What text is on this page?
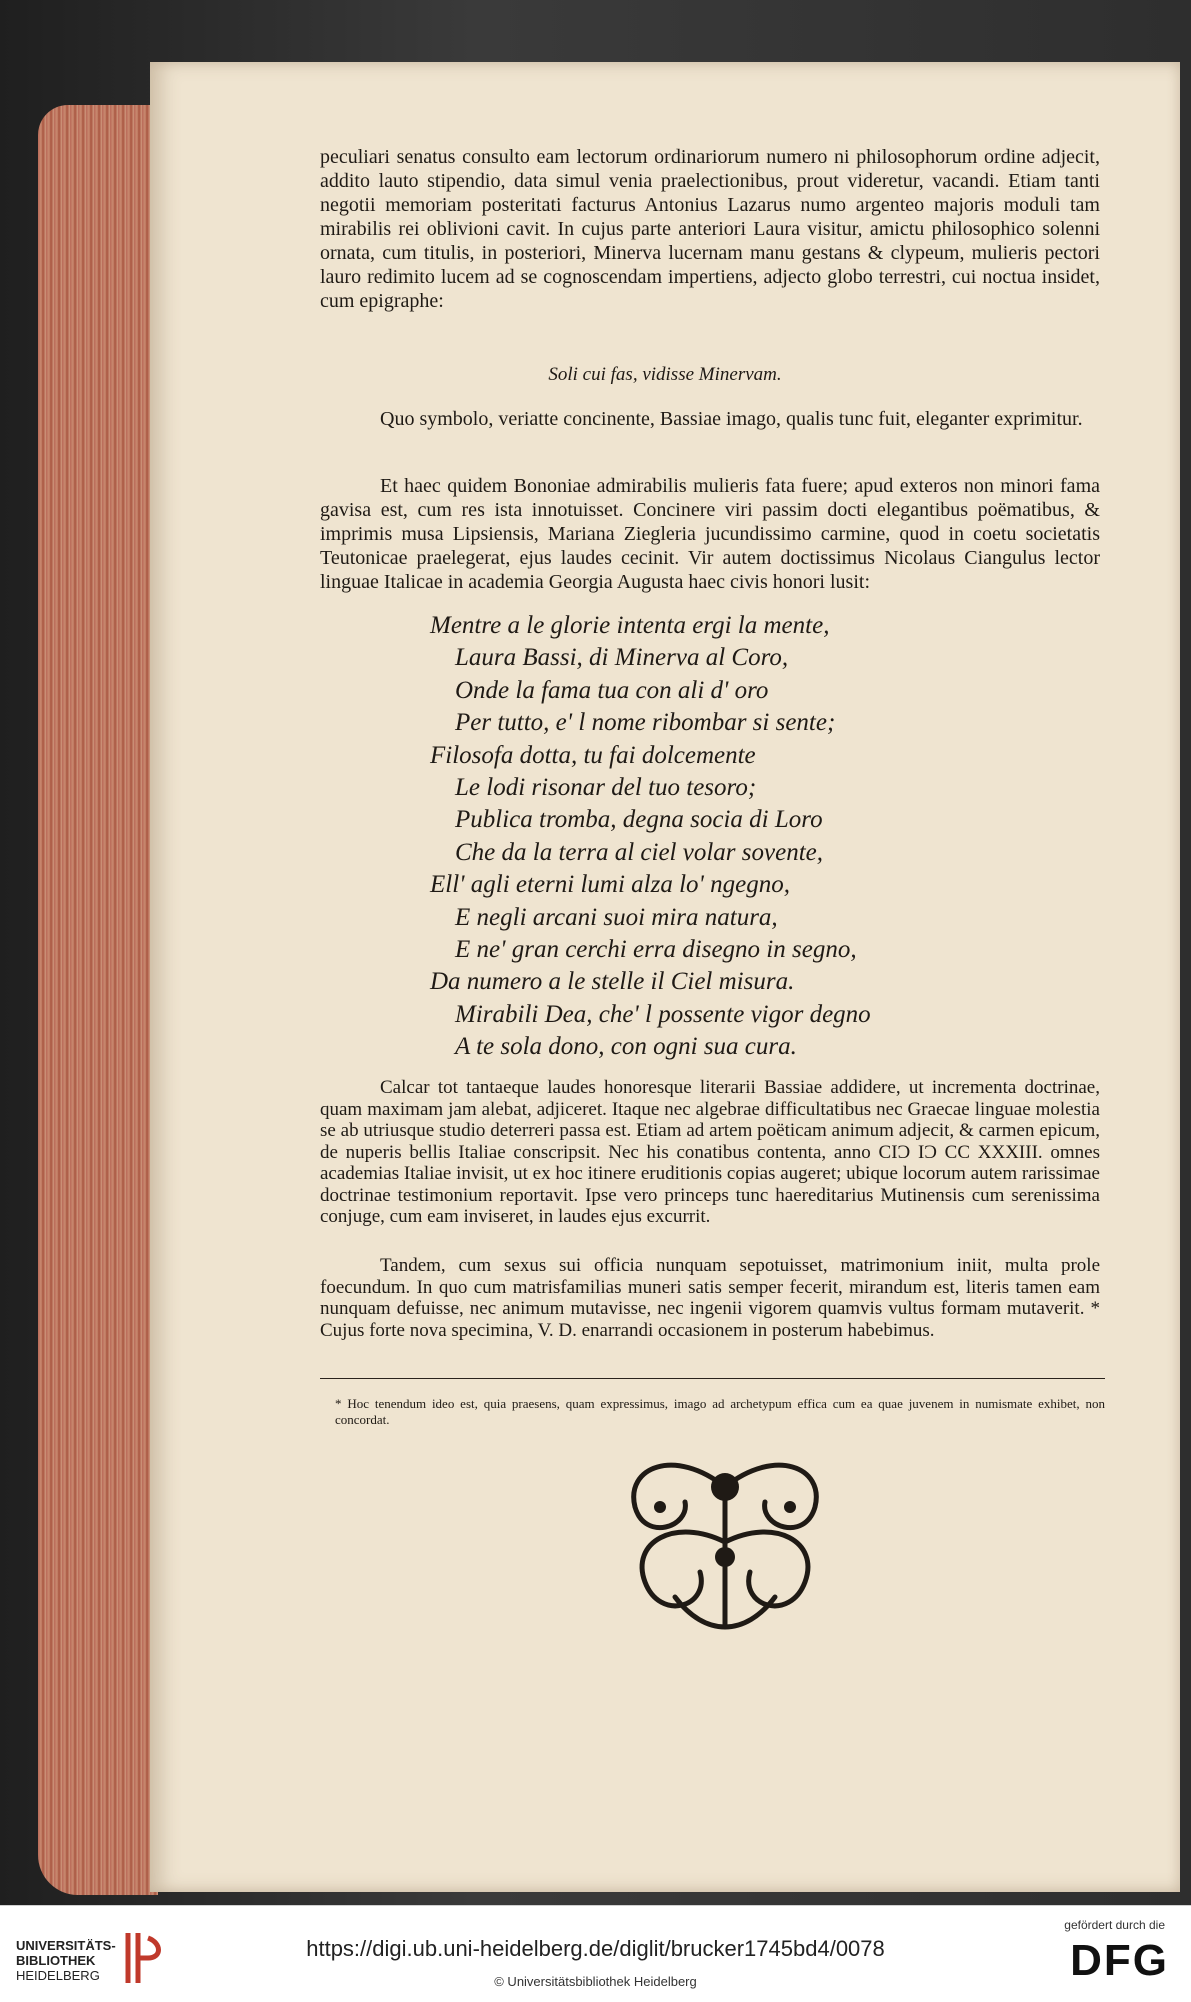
peculiari senatus consulto eam lectorum ordinariorum numero ni philosophorum ordine adjecit, addito lauto stipendio, data simul venia praelectionibus, prout videretur, vacandi. Etiam tanti negotii memoriam posteritati facturus Antonius Lazarus numo argenteo majoris moduli tam mirabilis rei oblivioni cavit. In cujus parte anteriori Laura visitur, amictu philosophico solenni ornata, cum titulis, in posteriori, Minerva lucernam manu gestans & clypeum, mulieris pectori lauro redimito lucem ad se cognoscendam impertiens, adjecto globo terrestri, cui noctua insidet, cum epigraphe:

Soli cui fas, vidisse Minervam.

Quo symbolo, veriatte concinente, Bassiae imago, qualis tunc fuit, eleganter exprimitur.

Et haec quidem Bononiae admirabilis mulieris fata fuere; apud exteros non minori fama gavisa est, cum res ista innotuisset. Concinere viri passim docti elegantibus poëmatibus, & imprimis musa Lipsiensis, Mariana Ziegleria jucundissimo carmine, quod in coetu societatis Teutonicae praelegerat, ejus laudes cecinit. Vir autem doctissimus Nicolaus Ciangulus lector linguae Italicae in academia Georgia Augusta haec civis honori lusit:

Mentre a le glorie intenta ergi la mente,
Laura Bassi, di Minerva al Coro,
Onde la fama tua con ali d' oro
Per tutto, e' l nome ribombar si sente;
Filosofa dotta, tu fai dolcemente
Le lodi risonar del tuo tesoro;
Publica tromba, degna socia di Loro
Che da la terra al ciel volar sovente,
Ell' agli eterni lumi alza lo' ngegno,
E negli arcani suoi mira natura,
E ne' gran cerchi erra disegno in segno,
Da numero a le stelle il Ciel misura.
Mirabili Dea, che' l possente vigor degno
A te sola dono, con ogni sua cura.

Calcar tot tantaeque laudes honoresque literarii Bassiae addidere, ut incrementa doctrinae, quam maximam jam alebat, adjiceret. Itaque nec algebrae difficultatibus nec Graecae linguae molestia se ab utriusque studio deterreri passa est. Etiam ad artem poëticam animum adjecit, & carmen epicum, de nuperis bellis Italiae conscripsit. Nec his conatibus contenta, anno CIƆ IƆ CC XXXIII. omnes academias Italiae invisit, ut ex hoc itinere eruditionis copias augeret; ubique locorum autem rarissimae doctrinae testimonium reportavit. Ipse vero princeps tunc haereditarius Mutinensis cum serenissima conjuge, cum eam inviseret, in laudes ejus excurrit.

Tandem, cum sexus sui officia nunquam sepotuisset, matrimonium iniit, multa prole foecundum. In quo cum matrisfamilias muneri satis semper fecerit, mirandum est, literis tamen eam nunquam defuisse, nec animum mutavisse, nec ingenii vigorem quamvis vultus formam mutaverit. * Cujus forte nova specimina, V. D. enarrandi occasionem in posterum habebimus.

* Hoc tenendum ideo est, quia praesens, quam expressimus, imago ad archetypum effica cum ea quae juvenem in numismate exhibet, non concordat.

UNIVERSITÄTS-
BIBLIOTHEK
HEIDELBERG
https://digi.ub.uni-heidelberg.de/diglit/brucker1745bd4/0078
© Universitätsbibliothek Heidelberg
gefördert durch die
DFG
